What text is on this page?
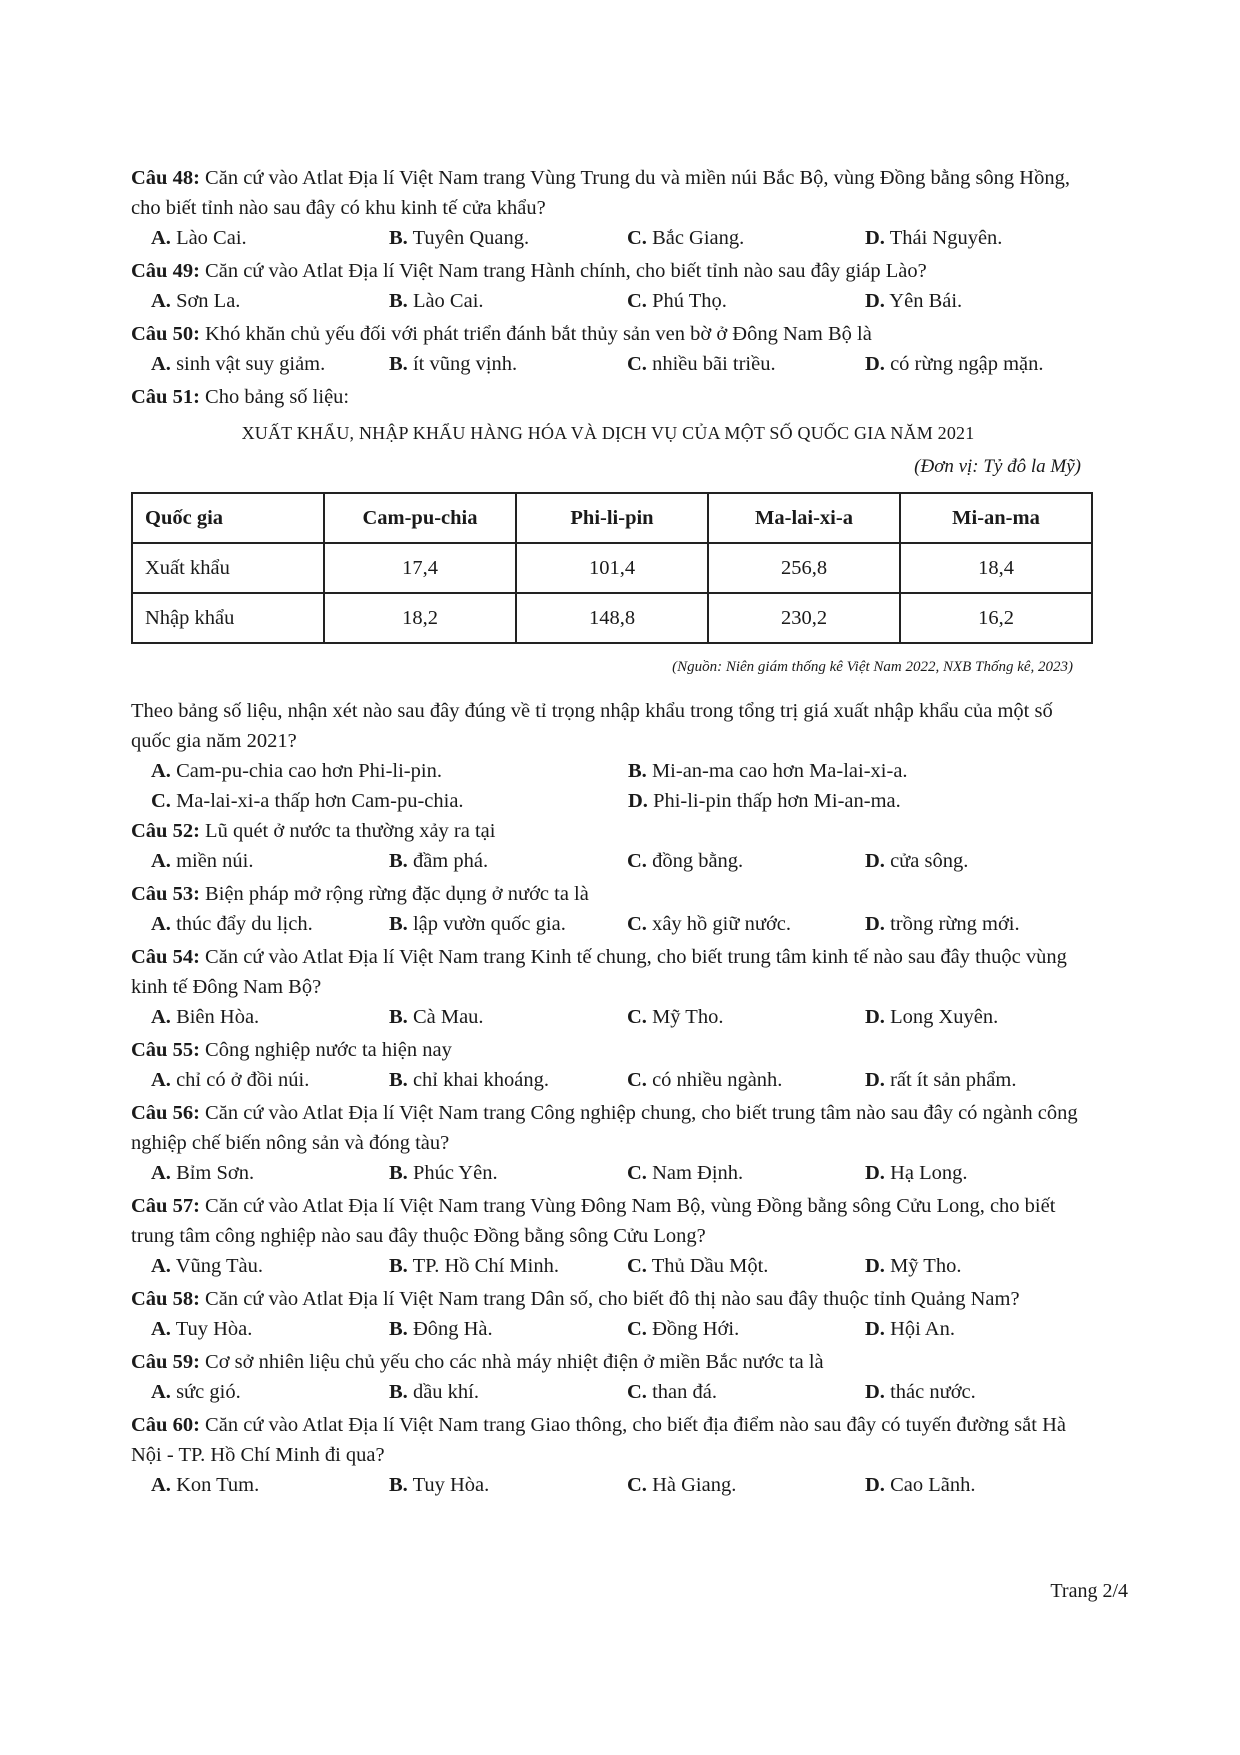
Câu 48: Căn cứ vào Atlat Địa lí Việt Nam trang Vùng Trung du và miền núi Bắc Bộ, vùng Đồng bằng sông Hồng, cho biết tỉnh nào sau đây có khu kinh tế cửa khẩu?

A. Lào Cai.	B. Tuyên Quang.	C. Bắc Giang.	D. Thái Nguyên.

Câu 49: Căn cứ vào Atlat Địa lí Việt Nam trang Hành chính, cho biết tỉnh nào sau đây giáp Lào?

A. Sơn La.	B. Lào Cai.	C. Phú Thọ.	D. Yên Bái.

Câu 50: Khó khăn chủ yếu đối với phát triển đánh bắt thủy sản ven bờ ở Đông Nam Bộ là

A. sinh vật suy giảm.	B. ít vũng vịnh.	C. nhiều bãi triều.	D. có rừng ngập mặn.

Câu 51: Cho bảng số liệu:

XUẤT KHẨU, NHẬP KHẨU HÀNG HÓA VÀ DỊCH VỤ CỦA MỘT SỐ QUỐC GIA NĂM 2021
(Đơn vị: Tỷ đô la Mỹ)
Quốc gia	Cam-pu-chia	Phi-li-pin	Ma-lai-xi-a	Mi-an-ma
Xuất khẩu	17,4	101,4	256,8	18,4
Nhập khẩu	18,2	148,8	230,2	16,2
(Nguồn: Niên giám thống kê Việt Nam 2022, NXB Thống kê, 2023)

Theo bảng số liệu, nhận xét nào sau đây đúng về tỉ trọng nhập khẩu trong tổng trị giá xuất nhập khẩu của một số quốc gia năm 2021?

A. Cam-pu-chia cao hơn Phi-li-pin.	B. Mi-an-ma cao hơn Ma-lai-xi-a.
C. Ma-lai-xi-a thấp hơn Cam-pu-chia.	D. Phi-li-pin thấp hơn Mi-an-ma.

Câu 52: Lũ quét ở nước ta thường xảy ra tại

A. miền núi.	B. đầm phá.	C. đồng bằng.	D. cửa sông.

Câu 53: Biện pháp mở rộng rừng đặc dụng ở nước ta là

A. thúc đẩy du lịch.	B. lập vườn quốc gia.	C. xây hồ giữ nước.	D. trồng rừng mới.

Câu 54: Căn cứ vào Atlat Địa lí Việt Nam trang Kinh tế chung, cho biết trung tâm kinh tế nào sau đây thuộc vùng kinh tế Đông Nam Bộ?

A. Biên Hòa.	B. Cà Mau.	C. Mỹ Tho.	D. Long Xuyên.

Câu 55: Công nghiệp nước ta hiện nay

A. chỉ có ở đồi núi.	B. chỉ khai khoáng.	C. có nhiều ngành.	D. rất ít sản phẩm.

Câu 56: Căn cứ vào Atlat Địa lí Việt Nam trang Công nghiệp chung, cho biết trung tâm nào sau đây có ngành công nghiệp chế biến nông sản và đóng tàu?

A. Bỉm Sơn.	B. Phúc Yên.	C. Nam Định.	D. Hạ Long.

Câu 57: Căn cứ vào Atlat Địa lí Việt Nam trang Vùng Đông Nam Bộ, vùng Đồng bằng sông Cửu Long, cho biết trung tâm công nghiệp nào sau đây thuộc Đồng bằng sông Cửu Long?

A. Vũng Tàu.	B. TP. Hồ Chí Minh.	C. Thủ Dầu Một.	D. Mỹ Tho.

Câu 58: Căn cứ vào Atlat Địa lí Việt Nam trang Dân số, cho biết đô thị nào sau đây thuộc tỉnh Quảng Nam?

A. Tuy Hòa.	B. Đông Hà.	C. Đồng Hới.	D. Hội An.

Câu 59: Cơ sở nhiên liệu chủ yếu cho các nhà máy nhiệt điện ở miền Bắc nước ta là

A. sức gió.	B. dầu khí.	C. than đá.	D. thác nước.

Câu 60: Căn cứ vào Atlat Địa lí Việt Nam trang Giao thông, cho biết địa điểm nào sau đây có tuyến đường sắt Hà Nội - TP. Hồ Chí Minh đi qua?

A. Kon Tum.	B. Tuy Hòa.	C. Hà Giang.	D. Cao Lãnh.
Trang 2/4
